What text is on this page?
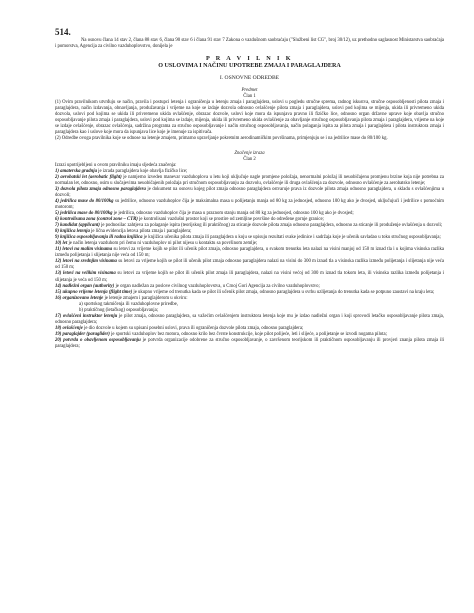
514.

Na osnovu člana 14 stav 2, člana 88 stav 6, člana 90 stav 6 i člana 91 stav 7 Zakona o vazdušnom saobraćaju ("Službeni list CG", broj 30/12), uz prethodno saglasnost Ministarstva saobraćaja i pomorstva, Agencija za civilno vazduhoplovstvo, donijela je

P R A V I L N I K
O USLOVIMA I NAČINU UPOTREBE ZMAJA I PARAGLAJDERA
I. OSNOVNE ODREDBE
Predmet
Član 1

(1) Ovim pravilnikom utvrđuju se način, pravila i postupci letenja i ograničenja u letenju zmaja i paraglajdera, uslovi u pogledu stručne sprema, radnog iskustva, stručne osposobljenosti pilota zmaja i paraglajdera, način izdavanja, obnavljanja, produžavanja i vrijeme na koje se izdaje dozvola odnosno ovlašćenje pilota zmaja i paraglajdera, uslovi pod kojima se mijenja, ukida ili privremeno ukida dozvola, uslovi pod kojima se ukida ili privremeno ukida ovlašćenje, obrazac dozvole, uslovi koje mora da ispunjava pravno ili fizičko lice, odnosno organ državne uprave koje obavlja stručno osposobljavanje pilota zmaja i paraglajdera, uslovi pod kojima se izdaje, mijenja, ukida ili privremeno ukida ovlašćenje za obavljanje stručnog osposobljavanja pilota zmaja i paraglajdera, vrijeme na koje se izdaje ovlašćenje, obrazac ovlašćenja, sadržina programa za stručno osposobljavanje i način stručnog osposobljavanja, način polaganja ispita za pilota zmaja i paraglajdera i pilota instruktora zmaja i paraglajdera kao i uslove koje mora da ispunjava lice koje je imenuje za ispitivača.

(2) Odredbe ovoga pravilnika koje se odnose na letenje zmajem, primarno upravljanje pokretnim aerodinamičkim površinama, primjenjuju se i na jedrilice mase do 80/100 kg.

Značenje izraza
Član 2

Izrazi upotrijebljeni u ovom pravilniku imaju sljedeća značenja:

1) amaterska gradnja je izrada paraglajdera koje obavlja fizičko lice;

2) aerobatski let (aerobatic flight) je namjerno izveden manevar vazduhoplova u letu koji uključuje nagle promjene položaja, nenormalni položaj ili neuobičajenu promjenu brzine koja nije potrebna za normalan let, odnosno, osim u slučajevima neuobičajenih položaja pri stručnom osposobljavanju za dozvolu, ovlašćenje ili druga ovlašćenja za dozvole, odnosno ovlašćenje za aerobatsko letenje;

3) dozvola pilota zmaja odnosno paraglajdera je dokument na osnovu kojeg pilot zmaja odnosno paraglajdera ostvaruje prava iz dozvole pilota zmaja odnosno paraglajdera, u skladu s ovlašćenjima u dozvoli;

4) jedrilica mase do 80/100kg su jedrilice, odnosno vazduhoplov čija je maksimalna masa u polijetanju manja od 80 kg za jednosjed, odnosno 100 kg ako je dvosjed, uključujući i jedrilice s pomoćnim motorom;

5) jedrilica mase do 80/100kg je jedrilica, odnosno vazduhoplov čija je masa u praznom stanju manja od 80 kg za jednosjed, odnosno 100 kg ako je dvosjed;

6) kontrolisana zona (control zone – CTR) je kontrolisani vazdušni prostor koji se prostire od zemljine površine do određene gornje granice;

7) kandidat (applicant) je podnosilac zahtjeva za polaganje ispita (teorijskog ili praktičnog) za sticanje dozvole pilota zmaja odnosno paraglajdera, odnosno za sticanje ili produženje ovlašćenja u dozvoli;

8) knjižica letenja je lična evidencija letova pilota zmaja i paraglajdera;

9) knjižica osposobljavanja ili radna knjižica je knjižica učenika pilota zmaja ili paraglajdera u koju se upisuju rezultati svake jedinice i sadržaja koje je učenik savladao u toku stručnog osposobljavanja;

10) let je način letenja vazduhom pri čemu ni vazduhoplov ni pilot nijesu u kontaktu sa površinom zemlje;

11) letovi na malim visinama su letovi za vrijeme kojih se pilot ili učenik pilot zmaja, odnosno paraglajdera, u svakom trenutku leta nalazi na visini manjoj od 150 m iznad tla i u kojima visinska razlika između polijetanja i slijetanja nije veća od 150 m;

12) letovi na srednjim visinama su letovi za vrijeme kojih se pilot ili učenik pilot zmaja odnosno paraglajdera nalazi na visini do 300 m iznad tla a visinska razlika između polijetanja i slijetanja nije veća od 150 m;

13) letovi na velikim visinama su letovi za vrijeme kojih se pilot ili učenik pilot zmaja ili paraglajdera, nalazi na visini većoj od 300 m iznad tla tokom leta, ili visinska razlika između polijetanja i slijetanja je veća od 150 m;

14) nadležni organ (authority) je organ nadležan za poslove civilnog vazduhoplovstva, u Crnoj Gori Agencija za civilno vazduhoplovstvo;

15) ukupno vrijeme letenja (flight time) je ukupno vrijeme od trenutka kada se pilot ili učenik pilot zmaja, odnosno paraglajdera u svrhu uzlijetanja do trenutka kada se potpuno zaustavi na kraju leta;

16) organizovano letenje je letenje zmajem i paraglajderom u okviru:

a) sportskog takmičenja ili vazduhoplovne priredbe,

b) praktičnog (letačkog) osposobljavanja;

17) ovlašćeni instruktor letenju je pilot zmaja, odnosno paraglajdera, sa važećim ovlašćenjem instruktora letenja koje mu je izdao nadležni organ i koji sprovodi letačko osposobljavanje pilota zmaja, odnosno paraglajdera;

18) ovlašćenje je dio dozvole u kojem su upisani posebni uslovi, prava ili ograničenja dozvole pilota zmaja, odnosno paraglajdera;

19) paraglajder (paraglider) je sportski vazduhoplov bez motora, odnosno krilo bez čvrste konstrukcije, koje pilot polijeće, leti i slijeće, a polijetanje se izvodi nogama pilota;

20) potvrda o obavljenom osposobljavanju je potvrda organizacije odobrene za stručno osposobljavanje, o završenom teorijskom ili praktičnom osposobljavanju ili provjeri znanja pilota zmaja ili paraglajdera;
